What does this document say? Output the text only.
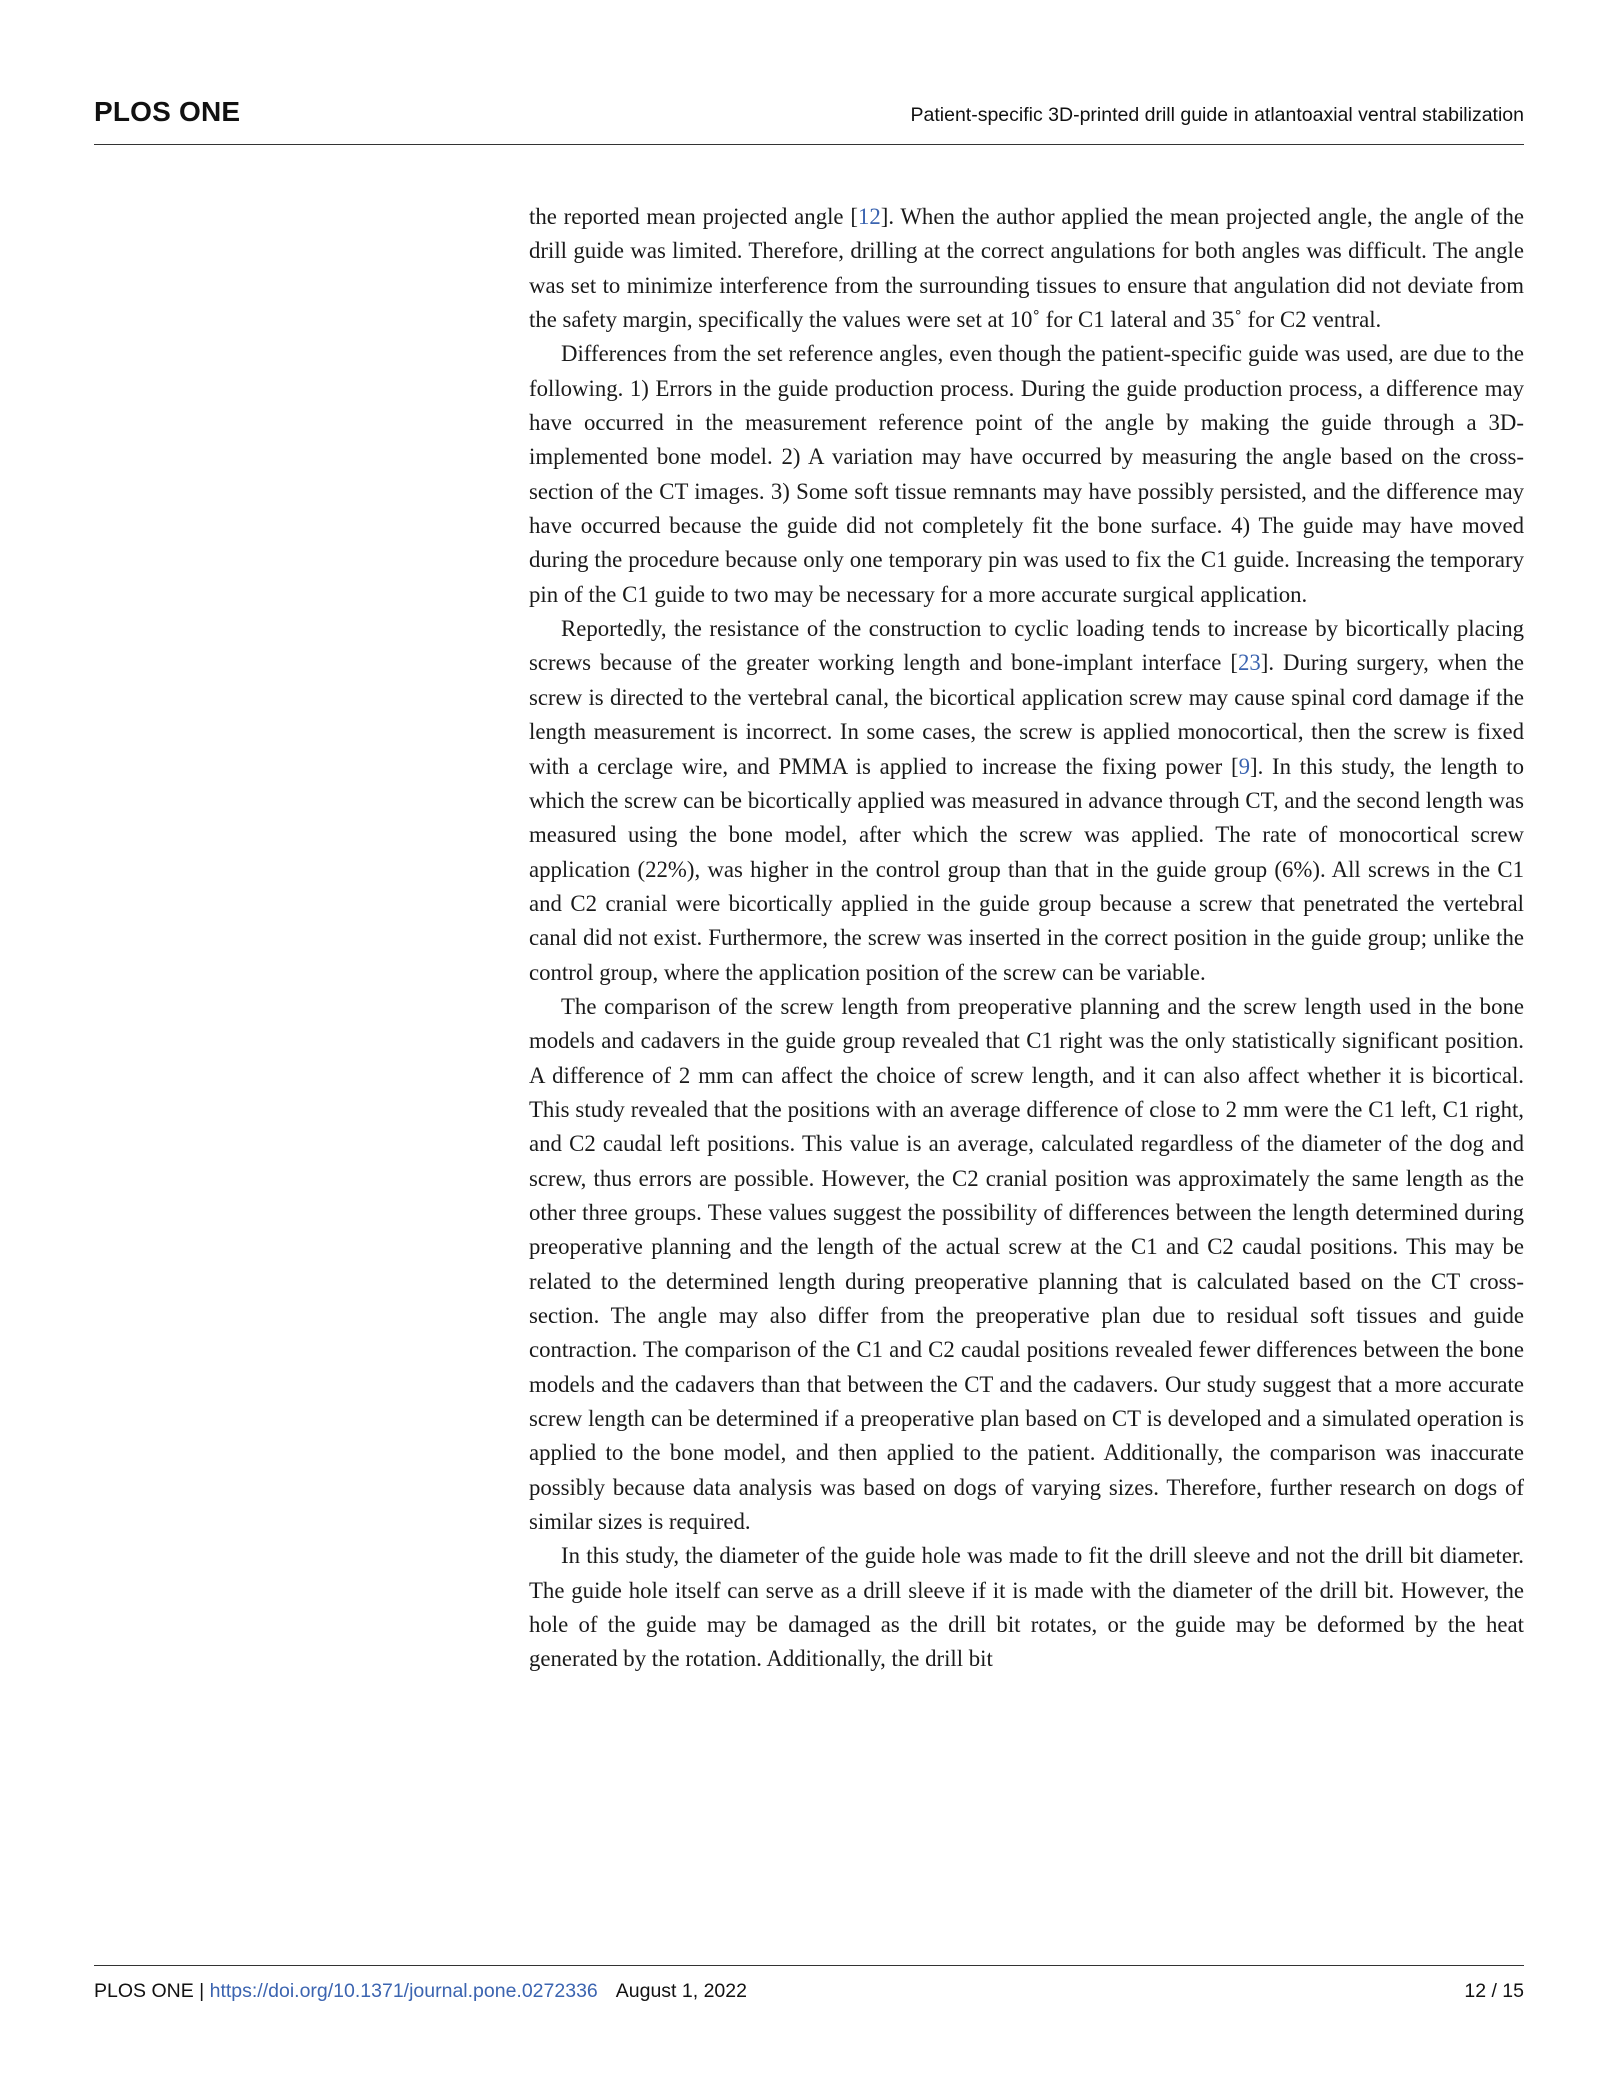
PLOS ONE	Patient-specific 3D-printed drill guide in atlantoaxial ventral stabilization

the reported mean projected angle [12]. When the author applied the mean projected angle, the angle of the drill guide was limited. Therefore, drilling at the correct angulations for both angles was difficult. The angle was set to minimize interference from the surrounding tissues to ensure that angulation did not deviate from the safety margin, specifically the values were set at 10˚ for C1 lateral and 35˚ for C2 ventral.

Differences from the set reference angles, even though the patient-specific guide was used, are due to the following. 1) Errors in the guide production process. During the guide production process, a difference may have occurred in the measurement reference point of the angle by making the guide through a 3D-implemented bone model. 2) A variation may have occurred by measuring the angle based on the cross-section of the CT images. 3) Some soft tissue remnants may have possibly persisted, and the difference may have occurred because the guide did not completely fit the bone surface. 4) The guide may have moved during the procedure because only one temporary pin was used to fix the C1 guide. Increasing the temporary pin of the C1 guide to two may be necessary for a more accurate surgical application.

Reportedly, the resistance of the construction to cyclic loading tends to increase by bicortically placing screws because of the greater working length and bone-implant interface [23]. During surgery, when the screw is directed to the vertebral canal, the bicortical application screw may cause spinal cord damage if the length measurement is incorrect. In some cases, the screw is applied monocortical, then the screw is fixed with a cerclage wire, and PMMA is applied to increase the fixing power [9]. In this study, the length to which the screw can be bicortically applied was measured in advance through CT, and the second length was measured using the bone model, after which the screw was applied. The rate of monocortical screw application (22%), was higher in the control group than that in the guide group (6%). All screws in the C1 and C2 cranial were bicortically applied in the guide group because a screw that penetrated the vertebral canal did not exist. Furthermore, the screw was inserted in the correct position in the guide group; unlike the control group, where the application position of the screw can be variable.

The comparison of the screw length from preoperative planning and the screw length used in the bone models and cadavers in the guide group revealed that C1 right was the only statistically significant position. A difference of 2 mm can affect the choice of screw length, and it can also affect whether it is bicortical. This study revealed that the positions with an average difference of close to 2 mm were the C1 left, C1 right, and C2 caudal left positions. This value is an average, calculated regardless of the diameter of the dog and screw, thus errors are possible. However, the C2 cranial position was approximately the same length as the other three groups. These values suggest the possibility of differences between the length determined during preoperative planning and the length of the actual screw at the C1 and C2 caudal positions. This may be related to the determined length during preoperative planning that is calculated based on the CT cross-section. The angle may also differ from the preoperative plan due to residual soft tissues and guide contraction. The comparison of the C1 and C2 caudal positions revealed fewer differences between the bone models and the cadavers than that between the CT and the cadavers. Our study suggest that a more accurate screw length can be determined if a preoperative plan based on CT is developed and a simulated operation is applied to the bone model, and then applied to the patient. Additionally, the comparison was inaccurate possibly because data analysis was based on dogs of varying sizes. Therefore, further research on dogs of similar sizes is required.

In this study, the diameter of the guide hole was made to fit the drill sleeve and not the drill bit diameter. The guide hole itself can serve as a drill sleeve if it is made with the diameter of the drill bit. However, the hole of the guide may be damaged as the drill bit rotates, or the guide may be deformed by the heat generated by the rotation. Additionally, the drill bit

PLOS ONE | https://doi.org/10.1371/journal.pone.0272336 August 1, 2022	12 / 15
